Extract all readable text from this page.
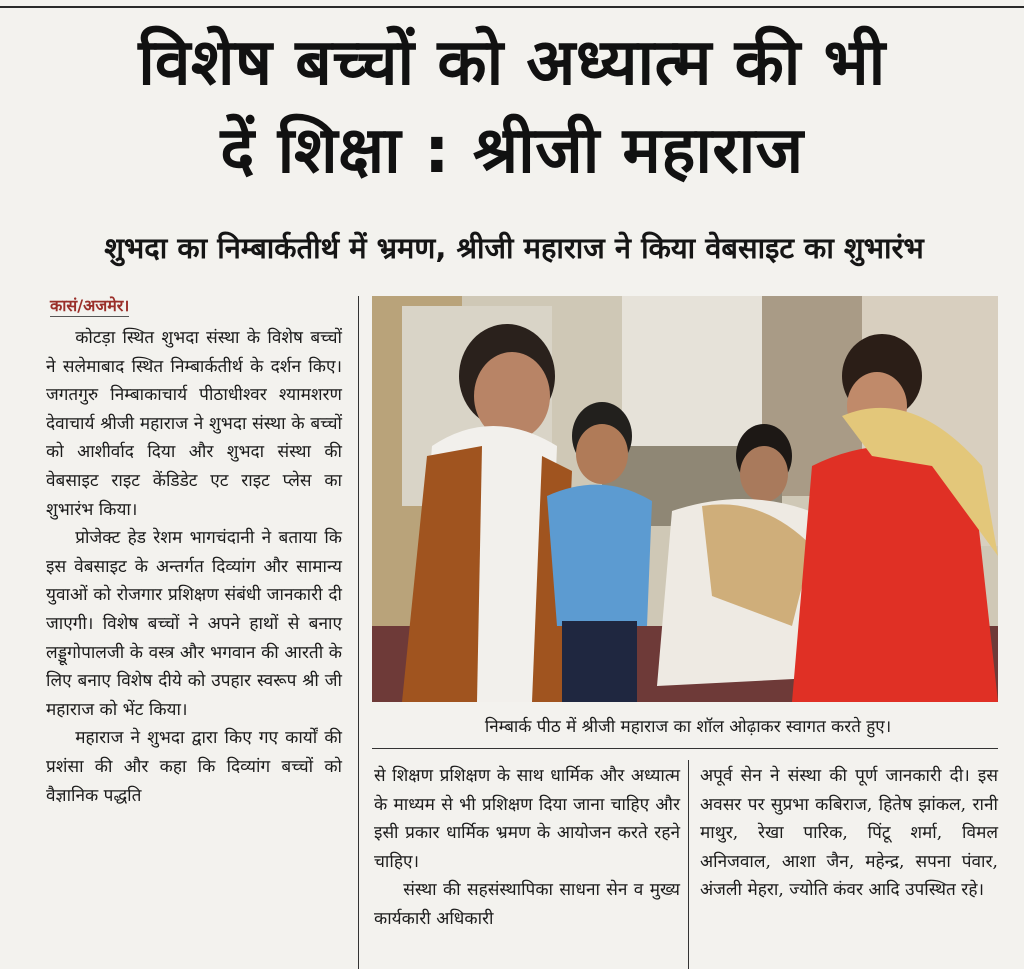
विशेष बच्चों को अध्यात्म की भी
दें शिक्षा : श्रीजी महाराज
शुभदा का निम्बार्कतीर्थ में भ्रमण, श्रीजी महाराज ने किया वेबसाइट का शुभारंभ
कासं/अजमेर।

कोटड़ा स्थित शुभदा संस्था के विशेष बच्चों ने सलेमाबाद स्थित निम्बार्कतीर्थ के दर्शन किए। जगतगुरु निम्बाकाचार्य पीठाधीश्वर श्यामशरण देवाचार्य श्रीजी महाराज ने शुभदा संस्था के बच्चों को आशीर्वाद दिया और शुभदा संस्था की वेबसाइट राइट केंडिडेट एट राइट प्लेस का शुभारंभ किया।

प्रोजेक्ट हेड रेशम भागचंदानी ने बताया कि इस वेबसाइट के अन्तर्गत दिव्यांग और सामान्य युवाओं को रोजगार प्रशिक्षण संबंधी जानकारी दी जाएगी। विशेष बच्चों ने अपने हाथों से बनाए लड्डूगोपालजी के वस्त्र और भगवान की आरती के लिए बनाए विशेष दीये को उपहार स्वरूप श्री जी महाराज को भेंट किया।

महाराज ने शुभदा द्वारा किए गए कार्यों की प्रशंसा की और कहा कि दिव्यांग बच्चों को वैज्ञानिक पद्धति

निम्बार्क पीठ में श्रीजी महाराज का शॉल ओढ़ाकर स्वागत करते हुए।

से शिक्षण प्रशिक्षण के साथ धार्मिक और अध्यात्म के माध्यम से भी प्रशिक्षण दिया जाना चाहिए और इसी प्रकार धार्मिक भ्रमण के आयोजन करते रहने चाहिए।

संस्था की सहसंस्थापिका साधना सेन व मुख्य कार्यकारी अधिकारी

अपूर्व सेन ने संस्था की पूर्ण जानकारी दी। इस अवसर पर सुप्रभा कबिराज, हितेष झांकल, रानी माथुर, रेखा पारिक, पिंटू शर्मा, विमल अनिजवाल, आशा जैन, महेन्द्र, सपना पंवार, अंजली मेहरा, ज्योति कंवर आदि उपस्थित रहे।
